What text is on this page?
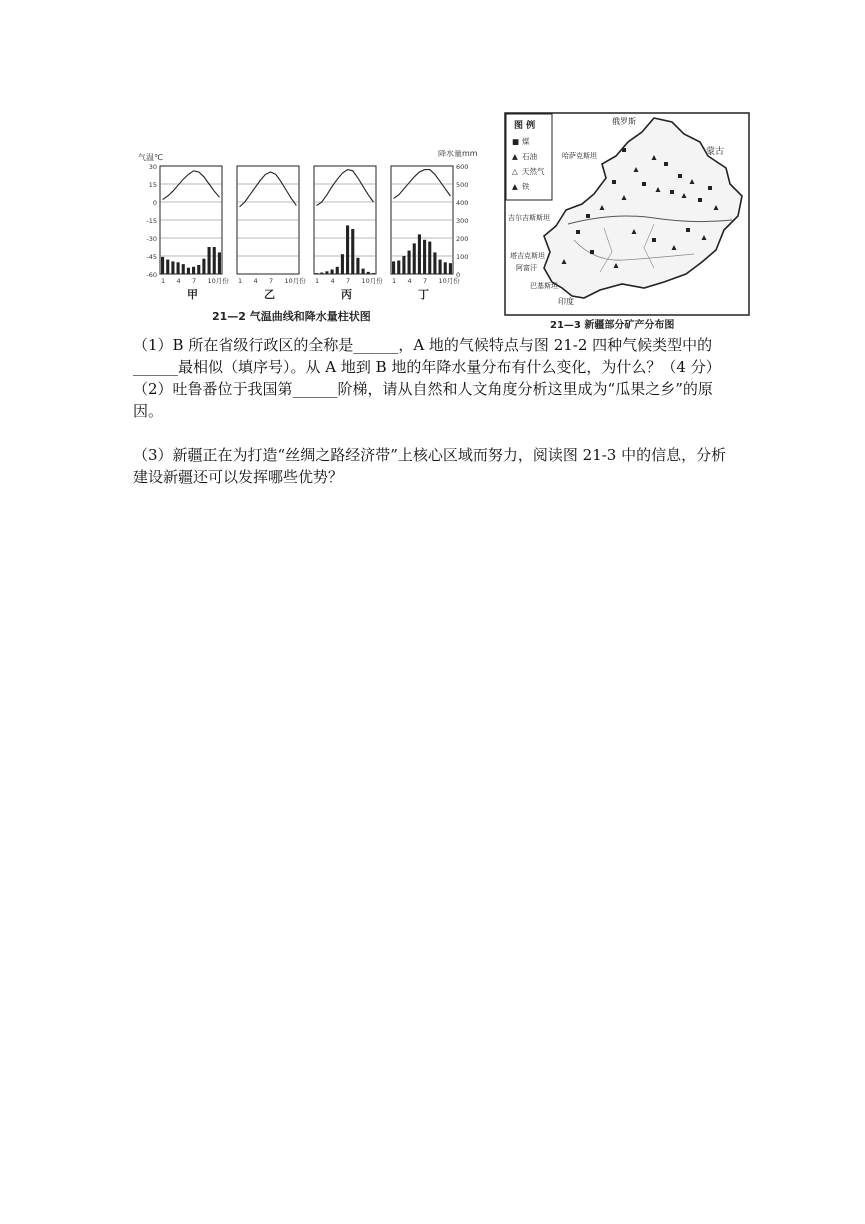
气温℃	降水量mm
30
15
0
-15
-30
-45
-60
600
500
400
300
200
100
0
1 4 7 10月份
甲
1 4 7 10月份
乙
1 4 7 10月份
丙
1 4 7 10月份
丁
21—2 气温曲线和降水量柱状图
图 例
■ 煤
▲ 石油
△ 天然气
▲ 铁
俄罗斯
蒙古
哈萨克斯坦
吉尔吉斯斯坦
塔吉克斯坦
阿富汗
巴基斯坦
印度
21—3 新疆部分矿产分布图

（1）B 所在省级行政区的全称是______，A 地的气候特点与图 21-2 四种气候类型中的______最相似（填序号）。从 A 地到 B 地的年降水量分布有什么变化，为什么？（4 分）

（2）吐鲁番位于我国第______阶梯，请从自然和人文角度分析这里成为“瓜果之乡”的原因。

（3）新疆正在为打造“丝绸之路经济带”上核心区域而努力，阅读图 21-3 中的信息，分析建设新疆还可以发挥哪些优势？
